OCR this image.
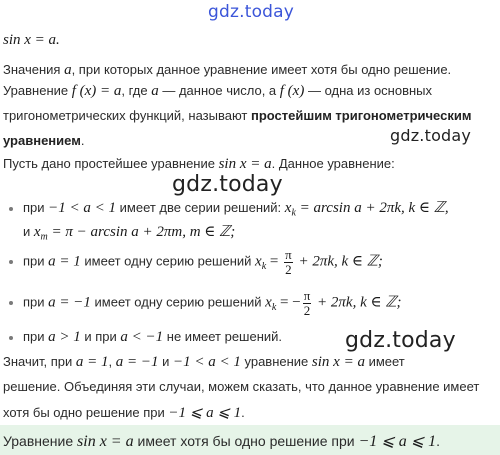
gdz.today
gdz.today
gdz.today
gdz.today
sin x = a.
Значения a, при которых данное уравнение имеет хотя бы одно решение.
Уравнение f (x) = a, где a — данное число, а f (x) — одна из основных
тригонометрических функций, называют простейшим тригонометрическим
уравнением.
Пусть дано простейшее уравнение sin x = a. Данное уравнение:
при −1 < a < 1 имеет две серии решений: $x_k = \arcsin a + 2\pi k$, k ∈ ℤ,
и $x_m = \pi - \arcsin a + 2\pi m$, m ∈ ℤ;
при a = 1 имеет одну серию решений $x_k = \frac{\pi}{2} + 2\pi k$, k ∈ ℤ;
при a = −1 имеет одну серию решений $x_k$ = − $\frac{\pi}{2} + 2\pi k$, k ∈ ℤ;
при a > 1 и при a < −1 не имеет решений.
Значит, при a = 1, a = −1 и −1 < a < 1 уравнение sin x = a имеет
решение. Объединяя эти случаи, можем сказать, что данное уравнение имеет
хотя бы одно решение при −1 ⩽ a ⩽ 1.
Уравнение sin x = a имеет хотя бы одно решение при −1 ⩽ a ⩽ 1.
